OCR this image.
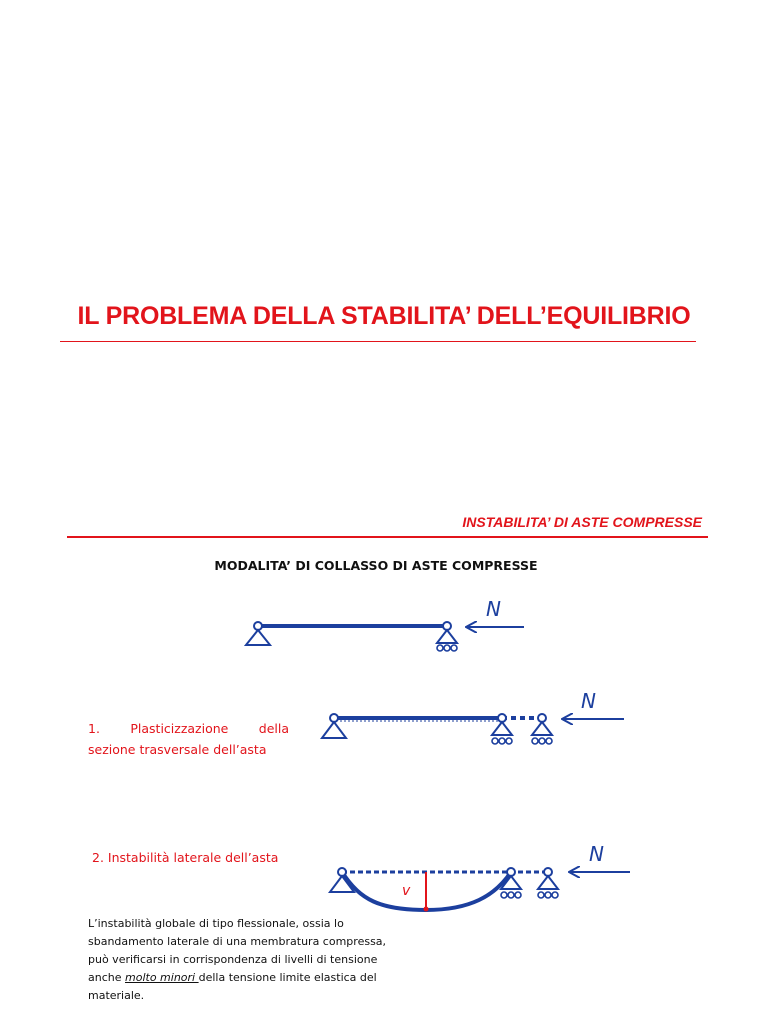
IL PROBLEMA DELLA STABILITA’ DELL’EQUILIBRIO
INSTABILITA’ DI ASTE COMPRESSE
MODALITA’ DI COLLASSO DI ASTE COMPRESSE
1. Plasticizzazione della
sezione trasversale dell’asta
2. Instabilità laterale dell’asta
L’instabilità globale di tipo flessionale, ossia lo sbandamento laterale di una membratura compressa, può verificarsi in corrispondenza di livelli di tensione anche molto minori della tensione limite elastica del materiale.
N
N
v
N
